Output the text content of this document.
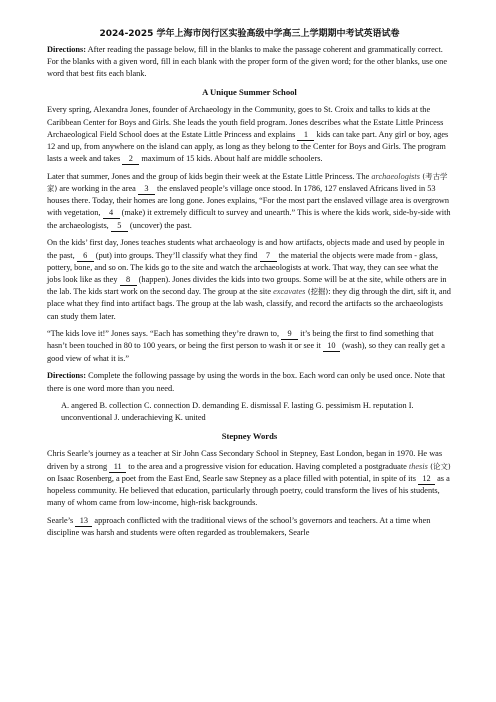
2024-2025 学年上海市闵行区实验高级中学高三上学期期中考试英语试卷

Directions: After reading the passage below, fill in the blanks to make the passage coherent and grammatically correct. For the blanks with a given word, fill in each blank with the proper form of the given word; for the other blanks, use one word that best fits each blank.

A Unique Summer School

Every spring, Alexandra Jones, founder of Archaeology in the Community, goes to St. Croix and talks to kids at the Caribbean Center for Boys and Girls. She leads the youth field program. Jones describes what the Estate Little Princess Archaeological Field School does at the Estate Little Princess and explains 1 kids can take part. Any girl or boy, ages 12 and up, from anywhere on the island can apply, as long as they belong to the Center for Boys and Girls. The program lasts a week and takes 2 maximum of 15 kids. About half are middle schoolers.

Later that summer, Jones and the group of kids begin their week at the Estate Little Princess. The archaeologists (考古学家) are working in the area 3 the enslaved people’s village once stood. In 1786, 127 enslaved Africans lived in 53 houses there. Today, their homes are long gone. Jones explains, “For the most part the enslaved village area is overgrown with vegetation, 4 (make) it extremely difficult to survey and unearth.” This is where the kids work, side-by-side with the archaeologists, 5 (uncover) the past.

On the kids’ first day, Jones teaches students what archaeology is and how artifacts, objects made and used by people in the past, 6 (put) into groups. They’ll classify what they find 7 the material the objects were made from - glass, pottery, bone, and so on. The kids go to the site and watch the archaeologists at work. That way, they can see what the jobs look like as they 8 (happen). Jones divides the kids into two groups. Some will be at the site, while others are in the lab. The kids start work on the second day. The group at the site excavates (挖掘): they dig through the dirt, sift it, and place what they find into artifact bags. The group at the lab wash, classify, and record the artifacts so the archaeologists can study them later.

“The kids love it!” Jones says. “Each has something they’re drawn to, 9 it’s being the first to find something that hasn’t been touched in 80 to 100 years, or being the first person to wash it or see it 10 (wash), so they can really get a good view of what it is.”

Directions: Complete the following passage by using the words in the box. Each word can only be used once. Note that there is one word more than you need.

A. angered B. collection C. connection D. demanding E. dismissal F. lasting G. pessimism H. reputation I. unconventional J. underachieving K. united
Stepney Words

Chris Searle’s journey as a teacher at Sir John Cass Secondary School in Stepney, East London, began in 1970. He was driven by a strong 11 to the area and a progressive vision for education. Having completed a postgraduate thesis (论文) on Isaac Rosenberg, a poet from the East End, Searle saw Stepney as a place filled with potential, in spite of its 12 as a hopeless community. He believed that education, particularly through poetry, could transform the lives of his students, many of whom came from low-income, high-risk backgrounds.

Searle’s 13 approach conflicted with the traditional views of the school’s governors and teachers. At a time when discipline was harsh and students were often regarded as troublemakers, Searle
